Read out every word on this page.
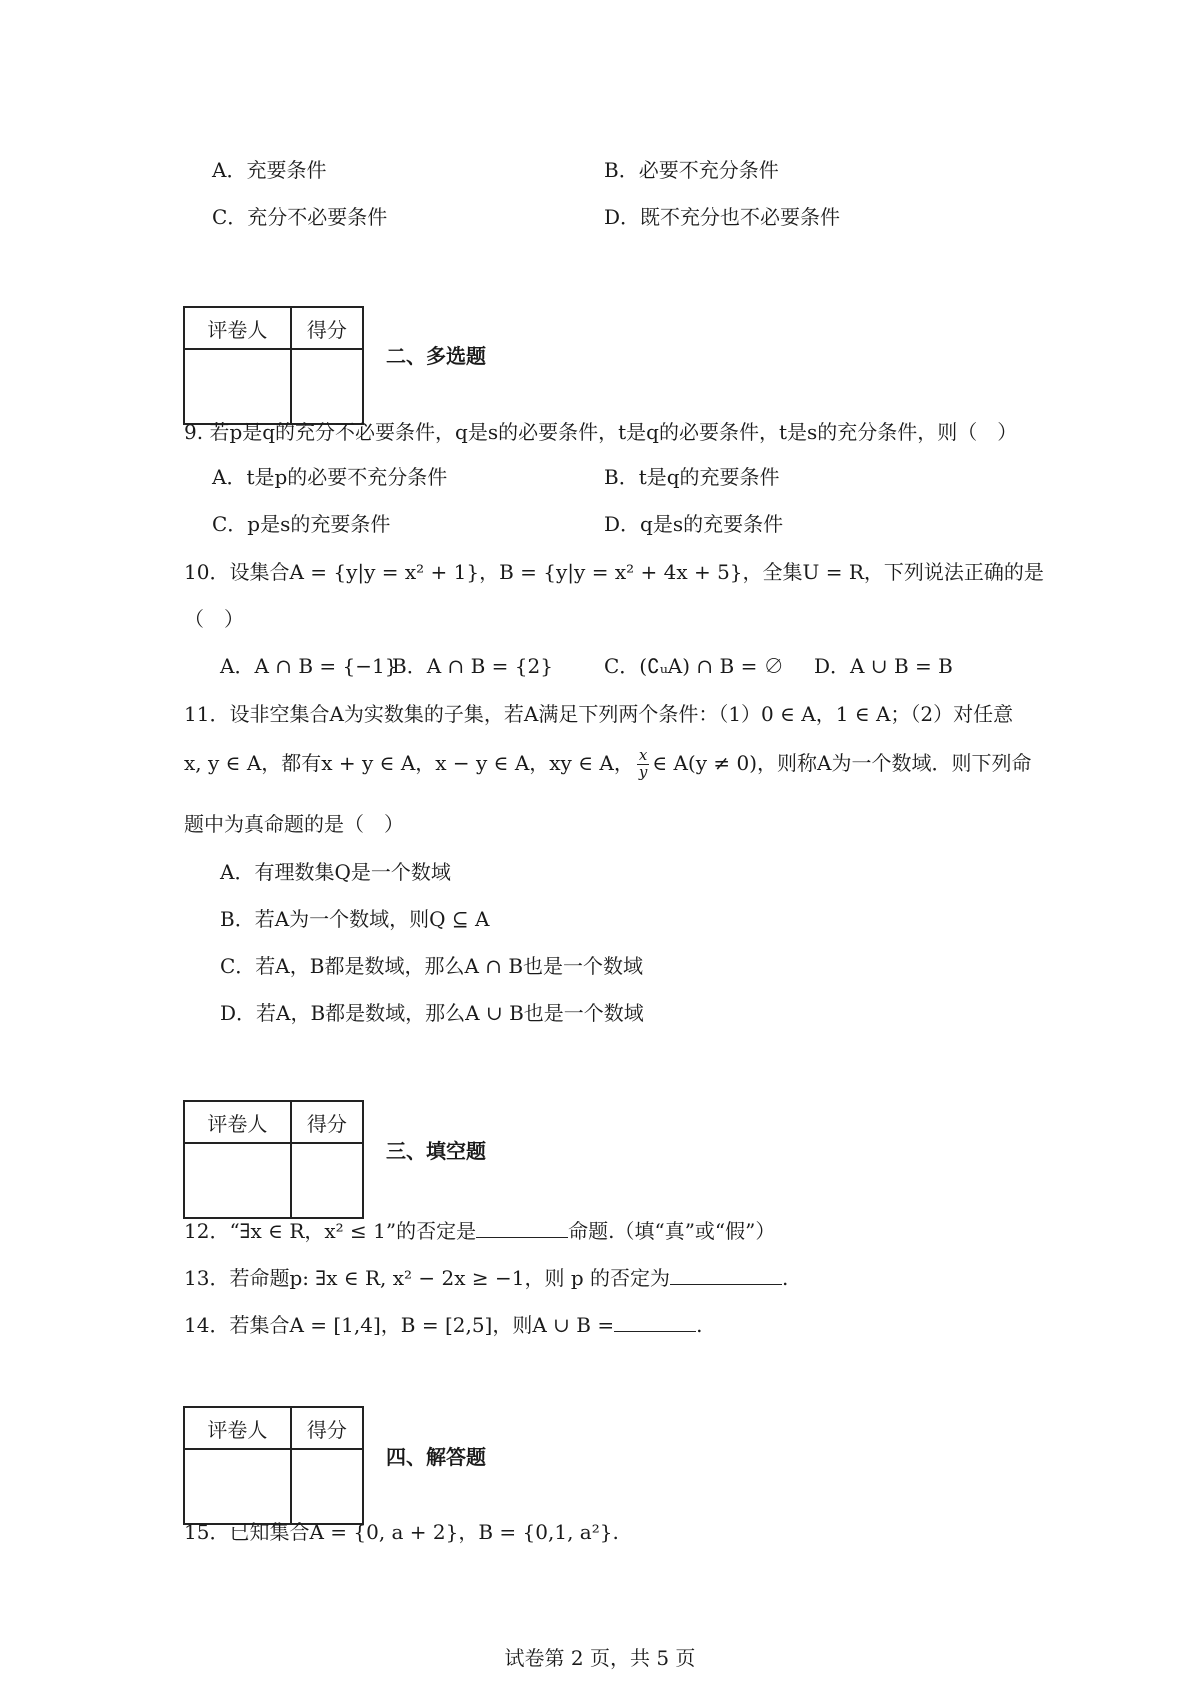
A．充要条件	B．必要不充分条件
C．充分不必要条件	D．既不充分也不必要条件
评卷人	得分

二、多选题
9. 若p是q的充分不必要条件，q是s的必要条件，t是q的必要条件，t是s的充分条件，则（　）
A．t是p的必要不充分条件	B．t是q的充要条件
C．p是s的充要条件	D．q是s的充要条件
10．设集合A = {y|y = x² + 1}，B = {y|y = x² + 4x + 5}，全集U = R，下列说法正确的是
（　）
A．A ∩ B = {−1}
B．A ∩ B = {2}	C．(∁ᵤA) ∩ B = ∅ D．A ∪ B = B
11．设非空集合A为实数集的子集，若A满足下列两个条件：（1）0 ∈ A，1 ∈ A；（2）对任意
x, y ∈ A，都有x + y ∈ A，x − y ∈ A，xy ∈ A， $\frac{x}{y}$ ∈ A(y ≠ 0)，则称A为一个数域．则下列命
题中为真命题的是（　）
A．有理数集Q是一个数域
B．若A为一个数域，则Q ⊆ A
C．若A，B都是数域，那么A ∩ B也是一个数域
D．若A，B都是数域，那么A ∪ B也是一个数域
评卷人	得分

三、填空题
12．“∃x ∈ R，x² ≤ 1”的否定是	命题.（填“真”或“假”）
13．若命题p: ∃x ∈ R, x² − 2x ≥ −1，则 p 的否定为	.
14．若集合A = [1,4]，B = [2,5]，则A ∪ B =	.
评卷人	得分

四、解答题
15．已知集合A = {0, a + 2}，B = {0,1, a²}.
试卷第 2 页，共 5 页
